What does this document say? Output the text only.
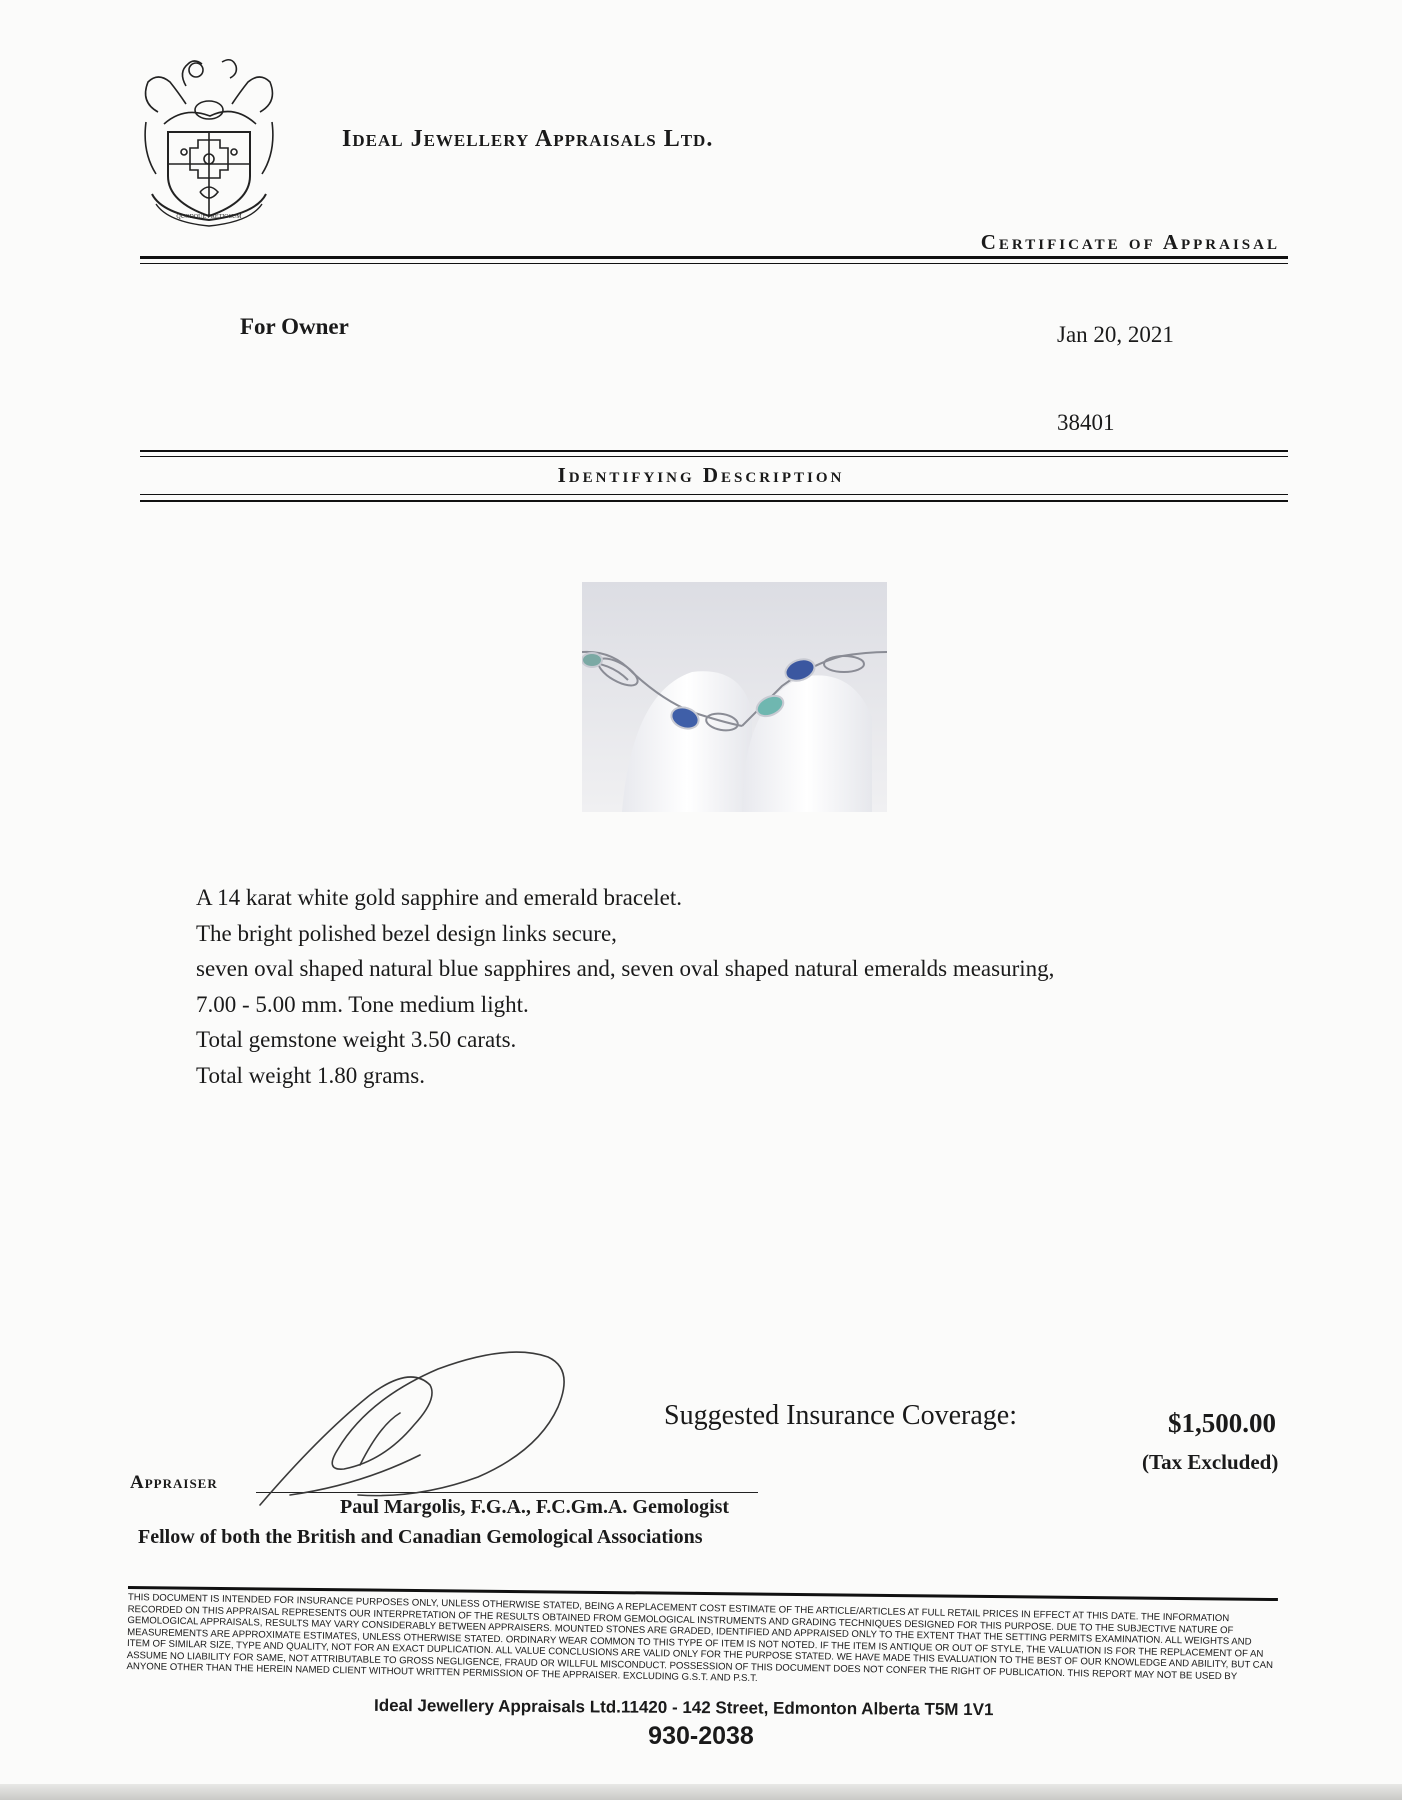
QUODQUE PRETIOSUM
Ideal Jewellery Appraisals Ltd.
Certificate of Appraisal
For Owner	Jan 20, 2021
38401
Identifying Description
A 14 karat white gold sapphire and emerald bracelet.
The bright polished bezel design links secure,
seven oval shaped natural blue sapphires and, seven oval shaped natural emeralds measuring,
7.00 - 5.00 mm. Tone medium light.
Total gemstone weight 3.50 carats.
Total weight 1.80 grams.
Suggested Insurance Coverage:	$1,500.00
(Tax Excluded)
Appraiser
Paul Margolis, F.G.A., F.C.Gm.A. Gemologist
Fellow of both the British and Canadian Gemological Associations
THIS DOCUMENT IS INTENDED FOR INSURANCE PURPOSES ONLY, UNLESS OTHERWISE STATED, BEING A REPLACEMENT COST ESTIMATE OF THE ARTICLE/ARTICLES AT FULL RETAIL PRICES IN EFFECT AT THIS DATE. THE INFORMATION RECORDED ON THIS APPRAISAL REPRESENTS OUR INTERPRETATION OF THE RESULTS OBTAINED FROM GEMOLOGICAL INSTRUMENTS AND GRADING TECHNIQUES DESIGNED FOR THIS PURPOSE. DUE TO THE SUBJECTIVE NATURE OF GEMOLOGICAL APPRAISALS, RESULTS MAY VARY CONSIDERABLY BETWEEN APPRAISERS. MOUNTED STONES ARE GRADED, IDENTIFIED AND APPRAISED ONLY TO THE EXTENT THAT THE SETTING PERMITS EXAMINATION. ALL WEIGHTS AND MEASUREMENTS ARE APPROXIMATE ESTIMATES, UNLESS OTHERWISE STATED. ORDINARY WEAR COMMON TO THIS TYPE OF ITEM IS NOT NOTED. IF THE ITEM IS ANTIQUE OR OUT OF STYLE, THE VALUATION IS FOR THE REPLACEMENT OF AN ITEM OF SIMILAR SIZE, TYPE AND QUALITY, NOT FOR AN EXACT DUPLICATION. ALL VALUE CONCLUSIONS ARE VALID ONLY FOR THE PURPOSE STATED. WE HAVE MADE THIS EVALUATION TO THE BEST OF OUR KNOWLEDGE AND ABILITY, BUT CAN ASSUME NO LIABILITY FOR SAME, NOT ATTRIBUTABLE TO GROSS NEGLIGENCE, FRAUD OR WILLFUL MISCONDUCT. POSSESSION OF THIS DOCUMENT DOES NOT CONFER THE RIGHT OF PUBLICATION. THIS REPORT MAY NOT BE USED BY ANYONE OTHER THAN THE HEREIN NAMED CLIENT WITHOUT WRITTEN PERMISSION OF THE APPRAISER. EXCLUDING G.S.T. AND P.S.T.
Ideal Jewellery Appraisals Ltd.11420 - 142 Street, Edmonton Alberta T5M 1V1
930-2038
